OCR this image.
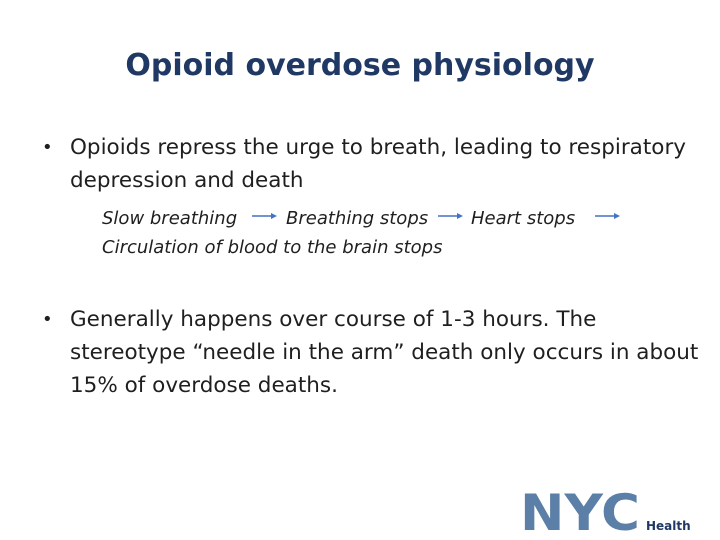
Opioid overdose physiology
• Opioids repress the urge to breath, leading to respiratory depression and death
Slow breathing	Breathing stops Heart stops
Circulation of blood to the brain stops
• Generally happens over course of 1-3 hours. The stereotype “needle in the arm” death only occurs in about 15% of overdose deaths.
NYC Health
